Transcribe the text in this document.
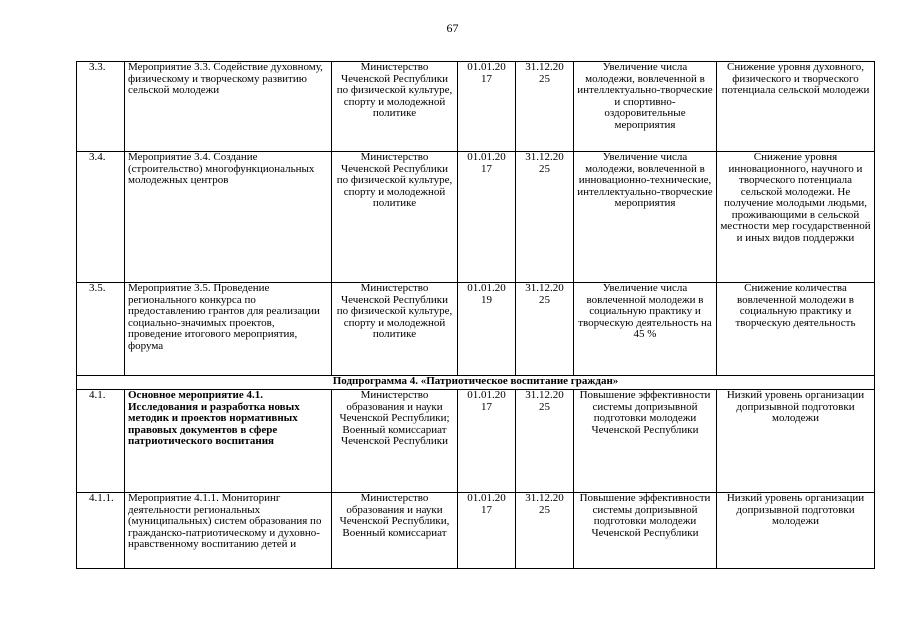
67
3.3.	Мероприятие 3.3. Содействие духовному, физическому и творческому развитию сельской молодежи	Министерство Чеченской Республики по физической культуре, спорту и молодежной политике	01.01.20 17	31.12.20 25	Увеличение числа молодежи, вовлеченной в интеллектуально-творческие и спортивно-оздоровительные мероприятия	Снижение уровня духовного, физического и творческого потенциала сельской молодежи
3.4.	Мероприятие 3.4. Создание (строительство) многофункциональных молодежных центров	Министерство Чеченской Республики по физической культуре, спорту и молодежной политике	01.01.20 17	31.12.20 25	Увеличение числа молодежи, вовлеченной в инновационно-технические, интеллектуально-творческие мероприятия	Снижение уровня инновационного, научного и творческого потенциала сельской молодежи. Не получение молодыми людьми, проживающими в сельской местности мер государственной и иных видов поддержки
3.5.	Мероприятие 3.5. Проведение регионального конкурса по предоставлению грантов для реализации социально-значимых проектов, проведение итогового мероприятия, форума	Министерство Чеченской Республики по физической культуре, спорту и молодежной политике	01.01.20 19	31.12.20 25	Увеличение числа вовлеченной молодежи в социальную практику и творческую деятельность на 45 %	Снижение количества вовлеченной молодежи в социальную практику и творческую деятельность
Подпрограмма 4. «Патриотическое воспитание граждан»						
4.1.	Основное мероприятие 4.1. Исследования и разработка новых методик и проектов нормативных правовых документов в сфере патриотического воспитания	Министерство образования и науки Чеченской Республики; Военный комиссариат Чеченской Республики	01.01.20 17	31.12.20 25	Повышение эффективности системы допризывной подготовки молодежи Чеченской Республики	Низкий уровень организации допризывной подготовки молодежи
4.1.1.	Мероприятие 4.1.1. Мониторинг деятельности региональных (муниципальных) систем образования по гражданско-патриотическому и духовно-нравственному воспитанию детей и	Министерство образования и науки Чеченской Республики, Военный комиссариат	01.01.20 17	31.12.20 25	Повышение эффективности системы допризывной подготовки молодежи Чеченской Республики	Низкий уровень организации допризывной подготовки молодежи
